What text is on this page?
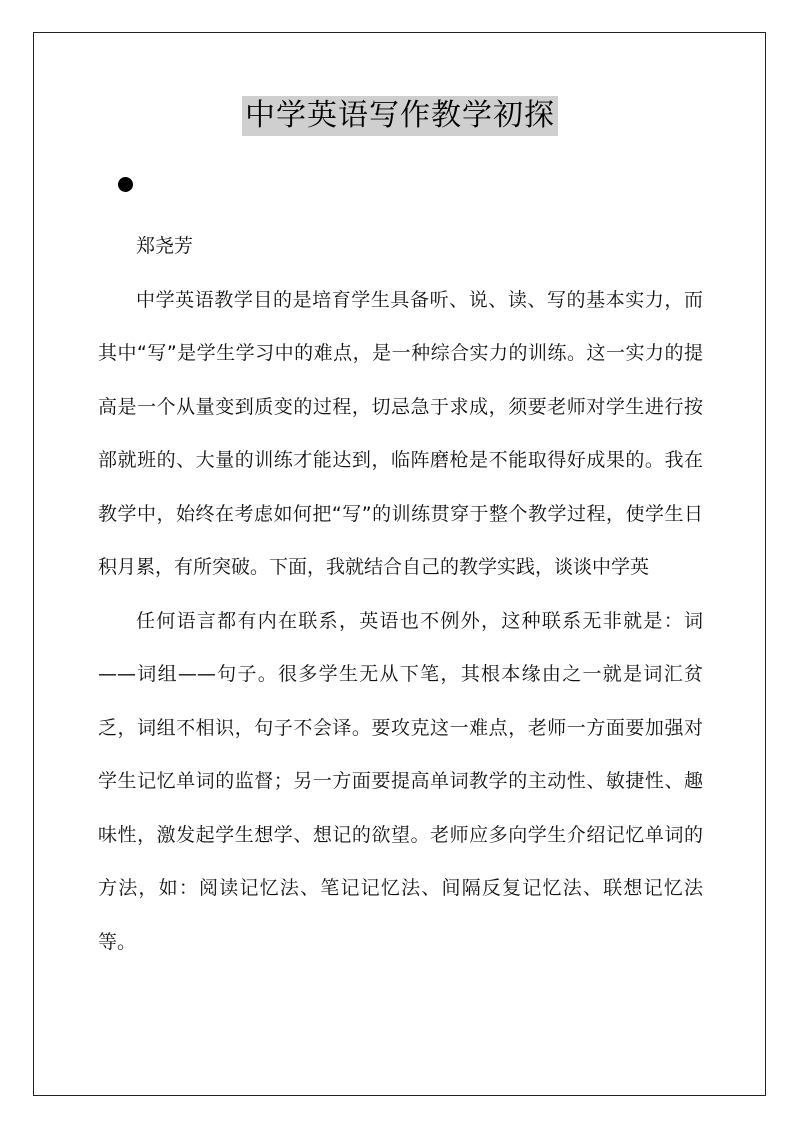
中学英语写作教学初探

郑尧芳

中学英语教学目的是培育学生具备听、说、读、写的基本实力，而其中“写”是学生学习中的难点，是一种综合实力的训练。这一实力的提高是一个从量变到质变的过程，切忌急于求成，须要老师对学生进行按部就班的、大量的训练才能达到，临阵磨枪是不能取得好成果的。我在教学中，始终在考虑如何把“写”的训练贯穿于整个教学过程，使学生日积月累，有所突破。下面，我就结合自己的教学实践，谈谈中学英

任何语言都有内在联系，英语也不例外，这种联系无非就是：词——词组——句子。很多学生无从下笔，其根本缘由之一就是词汇贫乏，词组不相识，句子不会译。要攻克这一难点，老师一方面要加强对学生记忆单词的监督；另一方面要提高单词教学的主动性、敏捷性、趣味性，激发起学生想学、想记的欲望。老师应多向学生介绍记忆单词的方法，如：阅读记忆法、笔记记忆法、间隔反复记忆法、联想记忆法等。
